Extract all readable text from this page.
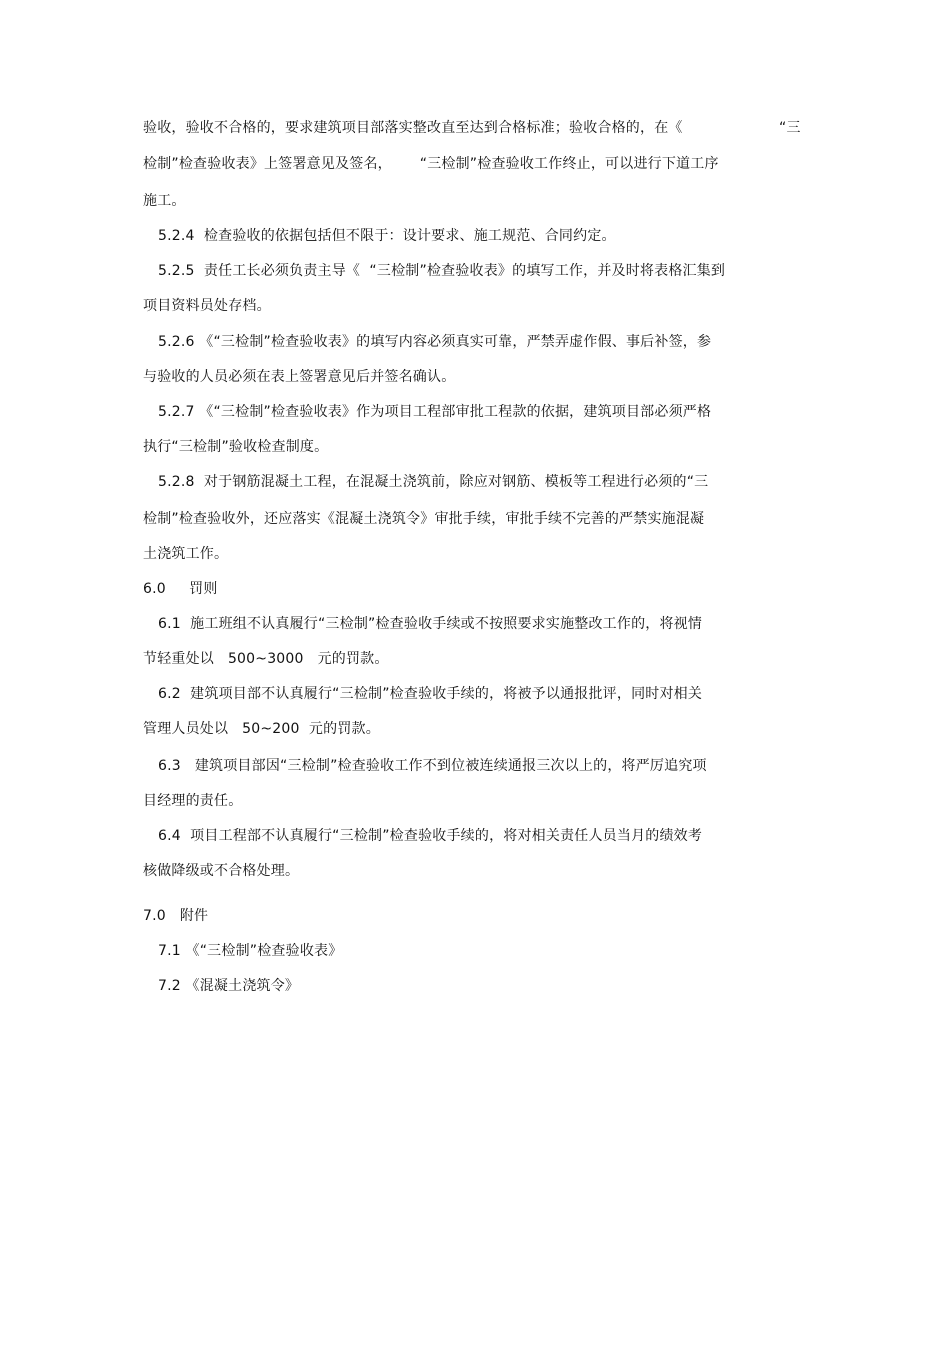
验收，验收不合格的，要求建筑项目部落实整改直至达到合格标准；验收合格的，在《	“三
检制”检查验收表》上签署意见及签名，      “三检制”检查验收工作终止，可以进行下道工序
施工。
5.2.4  检查验收的依据包括但不限于：设计要求、施工规范、合同约定。
5.2.5  责任工长必须负责主导《  “三检制”检查验收表》的填写工作，并及时将表格汇集到
项目资料员处存档。
5.2.6 《“三检制”检查验收表》的填写内容必须真实可靠，严禁弄虚作假、事后补签，参
与验收的人员必须在表上签署意见后并签名确认。
5.2.7 《“三检制”检查验收表》作为项目工程部审批工程款的依据，建筑项目部必须严格
执行“三检制”验收检查制度。
5.2.8  对于钢筋混凝土工程，在混凝土浇筑前，除应对钢筋、模板等工程进行必须的“三
检制”检查验收外，还应落实《混凝土浇筑令》审批手续，审批手续不完善的严禁实施混凝
土浇筑工作。
6.0     罚则
6.1  施工班组不认真履行“三检制”检查验收手续或不按照要求实施整改工作的，将视情
节轻重处以   500~3000   元的罚款。
6.2  建筑项目部不认真履行“三检制”检查验收手续的，将被予以通报批评，同时对相关
管理人员处以   50~200  元的罚款。
6.3   建筑项目部因“三检制”检查验收工作不到位被连续通报三次以上的，将严厉追究项
目经理的责任。
6.4  项目工程部不认真履行“三检制”检查验收手续的，将对相关责任人员当月的绩效考
核做降级或不合格处理。
7.0   附件
7.1 《“三检制”检查验收表》
7.2 《混凝土浇筑令》
